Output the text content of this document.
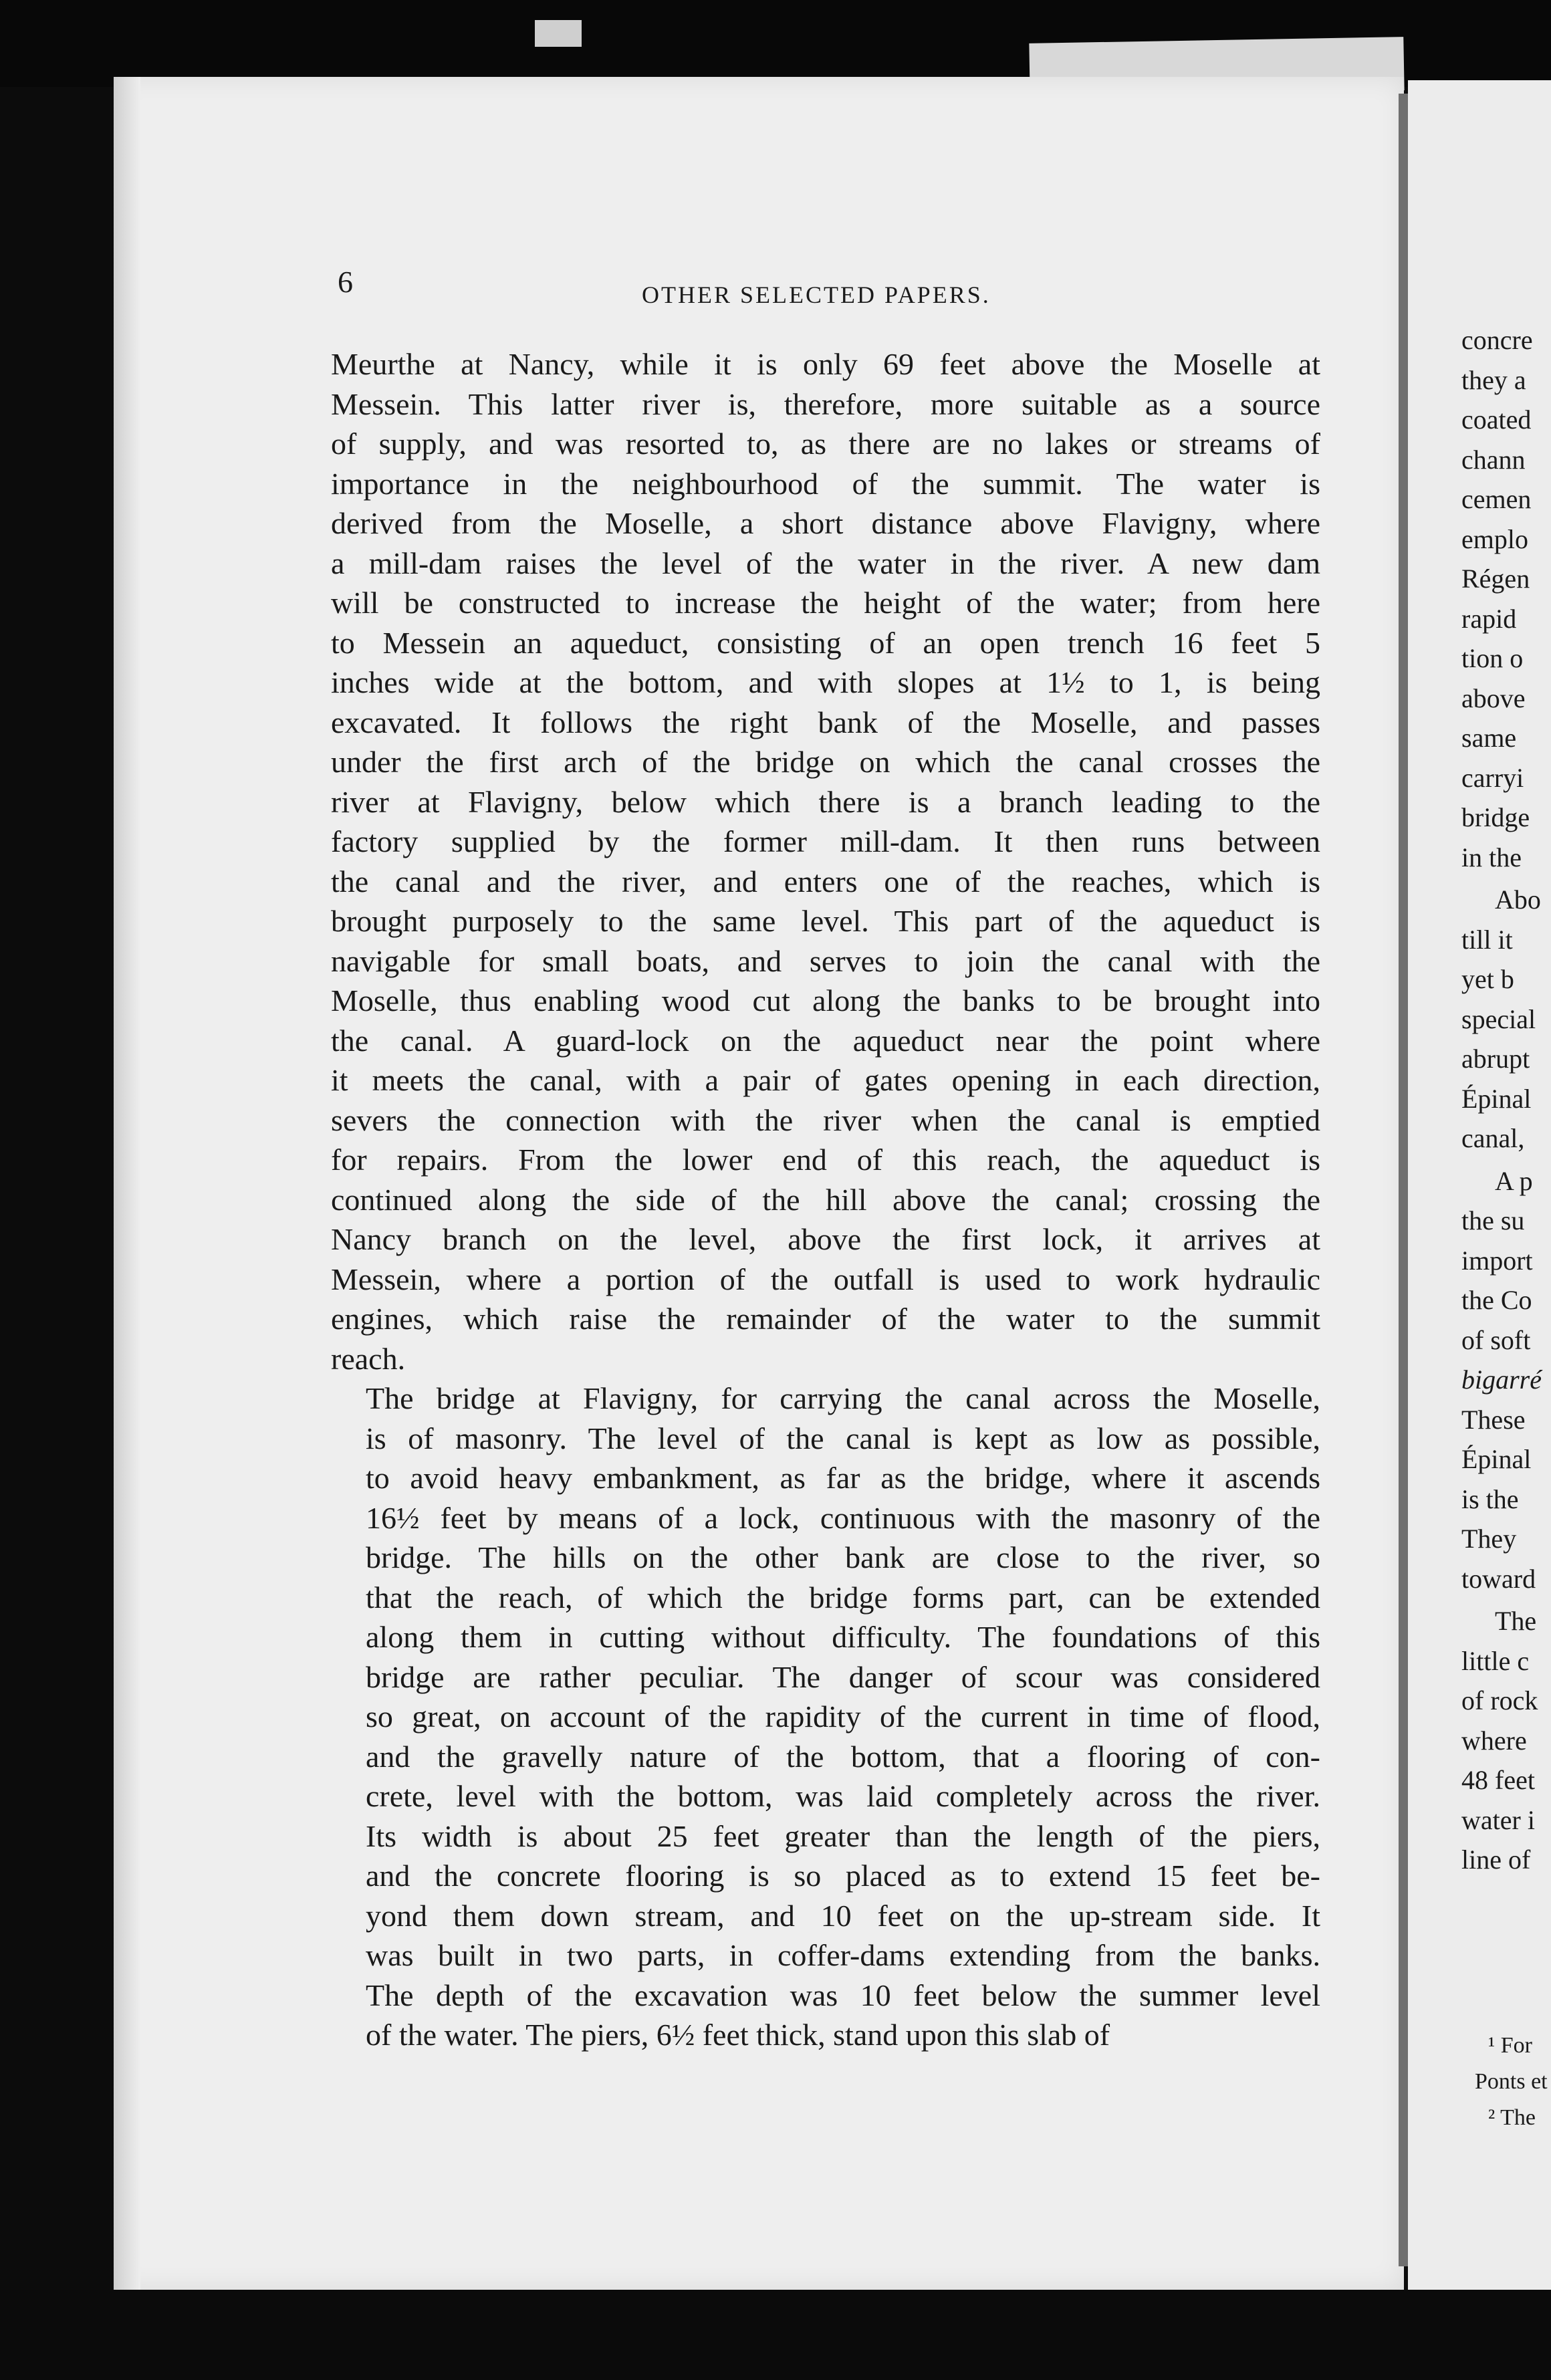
concre
they a
coated
chann
cemen
emplo
Régen
rapid
tion o
above
same
carryi
bridge
in the
Abo
till it
yet b
special
abrupt
Épinal
canal,
A p
the su
import
the Co
of soft
bigarré
These
Épinal
is the
They
toward
The
little c
of rock
where
48 feet
water i
line of
¹ For
Ponts et
² The
6	OTHER SELECTED PAPERS.
Meurthe at Nancy, while it is only 69 feet above the Moselle at
Messein. This latter river is, therefore, more suitable as a source
of supply, and was resorted to, as there are no lakes or streams of
importance in the neighbourhood of the summit. The water is
derived from the Moselle, a short distance above Flavigny, where
a mill-dam raises the level of the water in the river. A new dam
will be constructed to increase the height of the water; from here
to Messein an aqueduct, consisting of an open trench 16 feet 5
inches wide at the bottom, and with slopes at 1½ to 1, is being
excavated. It follows the right bank of the Moselle, and passes
under the first arch of the bridge on which the canal crosses the
river at Flavigny, below which there is a branch leading to the
factory supplied by the former mill-dam. It then runs between
the canal and the river, and enters one of the reaches, which is
brought purposely to the same level. This part of the aqueduct is
navigable for small boats, and serves to join the canal with the
Moselle, thus enabling wood cut along the banks to be brought into
the canal. A guard-lock on the aqueduct near the point where
it meets the canal, with a pair of gates opening in each direction,
severs the connection with the river when the canal is emptied
for repairs. From the lower end of this reach, the aqueduct is
continued along the side of the hill above the canal; crossing the
Nancy branch on the level, above the first lock, it arrives at
Messein, where a portion of the outfall is used to work hydraulic
engines, which raise the remainder of the water to the summit
reach.
The bridge at Flavigny, for carrying the canal across the Moselle,
is of masonry. The level of the canal is kept as low as possible,
to avoid heavy embankment, as far as the bridge, where it ascends
16½ feet by means of a lock, continuous with the masonry of the
bridge. The hills on the other bank are close to the river, so
that the reach, of which the bridge forms part, can be extended
along them in cutting without difficulty. The foundations of this
bridge are rather peculiar. The danger of scour was considered
so great, on account of the rapidity of the current in time of flood,
and the gravelly nature of the bottom, that a flooring of con-
crete, level with the bottom, was laid completely across the river.
Its width is about 25 feet greater than the length of the piers,
and the concrete flooring is so placed as to extend 15 feet be-
yond them down stream, and 10 feet on the up-stream side. It
was built in two parts, in coffer-dams extending from the banks.
The depth of the excavation was 10 feet below the summer level
of the water. The piers, 6½ feet thick, stand upon this slab of
